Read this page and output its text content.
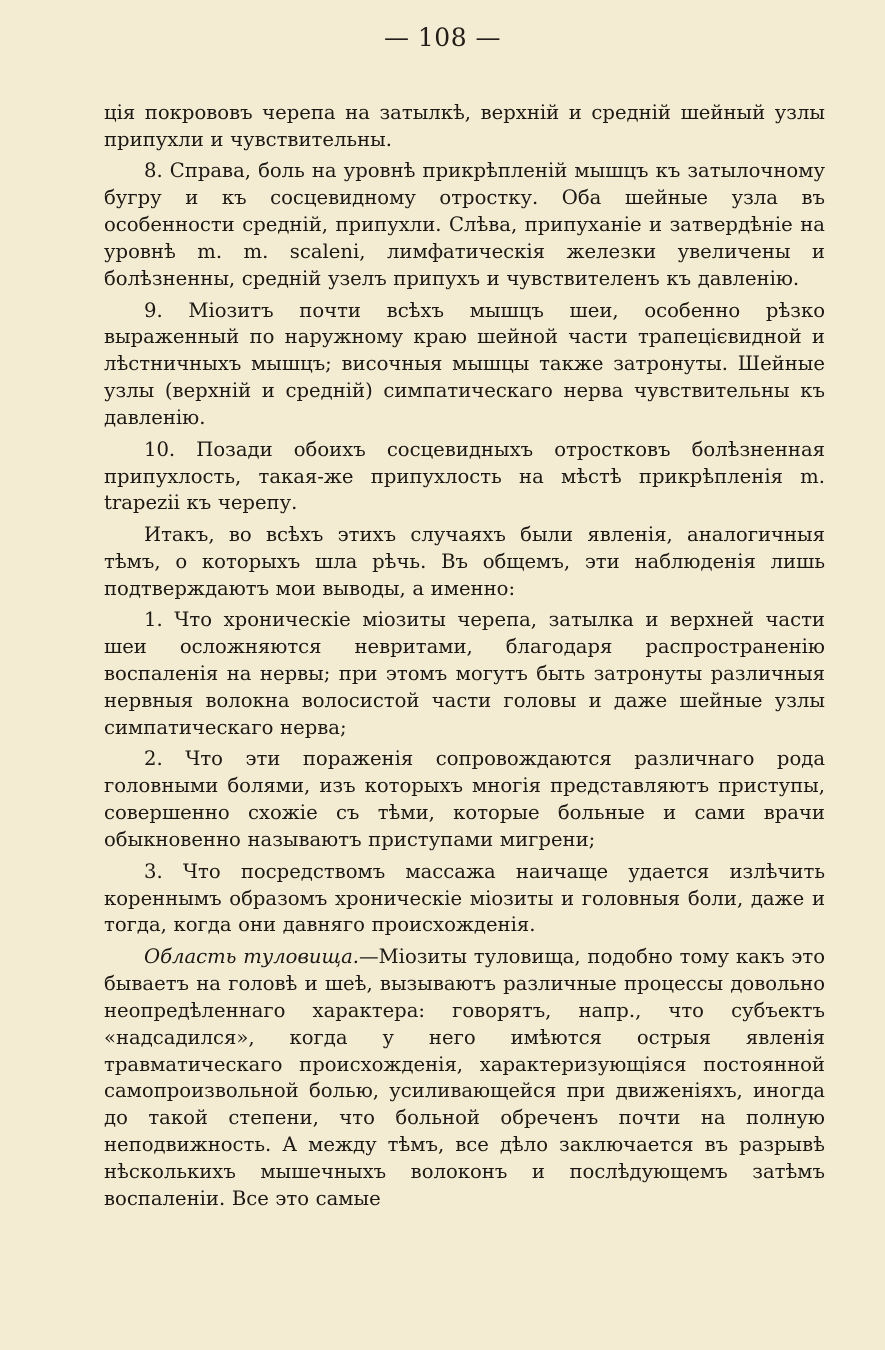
— 108 —

ція покрововъ черепа на затылкѣ, верхній и средній шейный узлы припухли и чувствительны.

8. Справа, боль на уровнѣ прикрѣпленій мышцъ къ затылочному бугру и къ сосцевидному отростку. Оба шейные узла въ особенности средній, припухли. Слѣва, припуханіе и затвердѣніе на уровнѣ m. m. scaleni, лимфатическія железки увеличены и болѣзненны, средній узелъ припухъ и чувствителенъ къ давленію.

9. Міозитъ почти всѣхъ мышцъ шеи, особенно рѣзко выраженный по наружному краю шейной части трапецієвидной и лѣстничныхъ мышцъ; височныя мышцы также затронуты. Шейные узлы (верхній и средній) симпатическаго нерва чувствительны къ давленію.

10. Позади обоихъ сосцевидныхъ отростковъ болѣзненная припухлость, такая-же припухлость на мѣстѣ прикрѣпленія m. trapezii къ черепу.

Итакъ, во всѣхъ этихъ случаяхъ были явленія, аналогичныя тѣмъ, о которыхъ шла рѣчь. Въ общемъ, эти наблюденія лишь подтверждаютъ мои выводы, а именно:

1. Что хроническіе міозиты черепа, затылка и верхней части шеи осложняются невритами, благодаря распространенію воспаленія на нервы; при этомъ могутъ быть затронуты различныя нервныя волокна волосистой части головы и даже шейные узлы симпатическаго нерва;

2. Что эти пораженія сопровождаются различнаго рода головными болями, изъ которыхъ многія представляютъ приступы, совершенно схожіе съ тѣми, которые больные и сами врачи обыкновенно называютъ приступами мигрени;

3. Что посредствомъ массажа наичаще удается излѣчить кореннымъ образомъ хроническіе міозиты и головныя боли, даже и тогда, когда они давняго происхожденія.

Область туловища.—Міозиты туловища, подобно тому какъ это бываетъ на головѣ и шеѣ, вызываютъ различные процессы довольно неопредѣленнаго характера: говорятъ, напр., что субъектъ «надсадился», когда у него имѣются острыя явленія травматическаго происхожденія, характеризующіяся постоянной самопроизвольной болью, усиливающейся при движеніяхъ, иногда до такой степени, что больной обреченъ почти на полную неподвижность. А между тѣмъ, все дѣло заключается въ разрывѣ нѣсколькихъ мышечныхъ волоконъ и послѣдующемъ затѣмъ воспаленіи. Все это самые
